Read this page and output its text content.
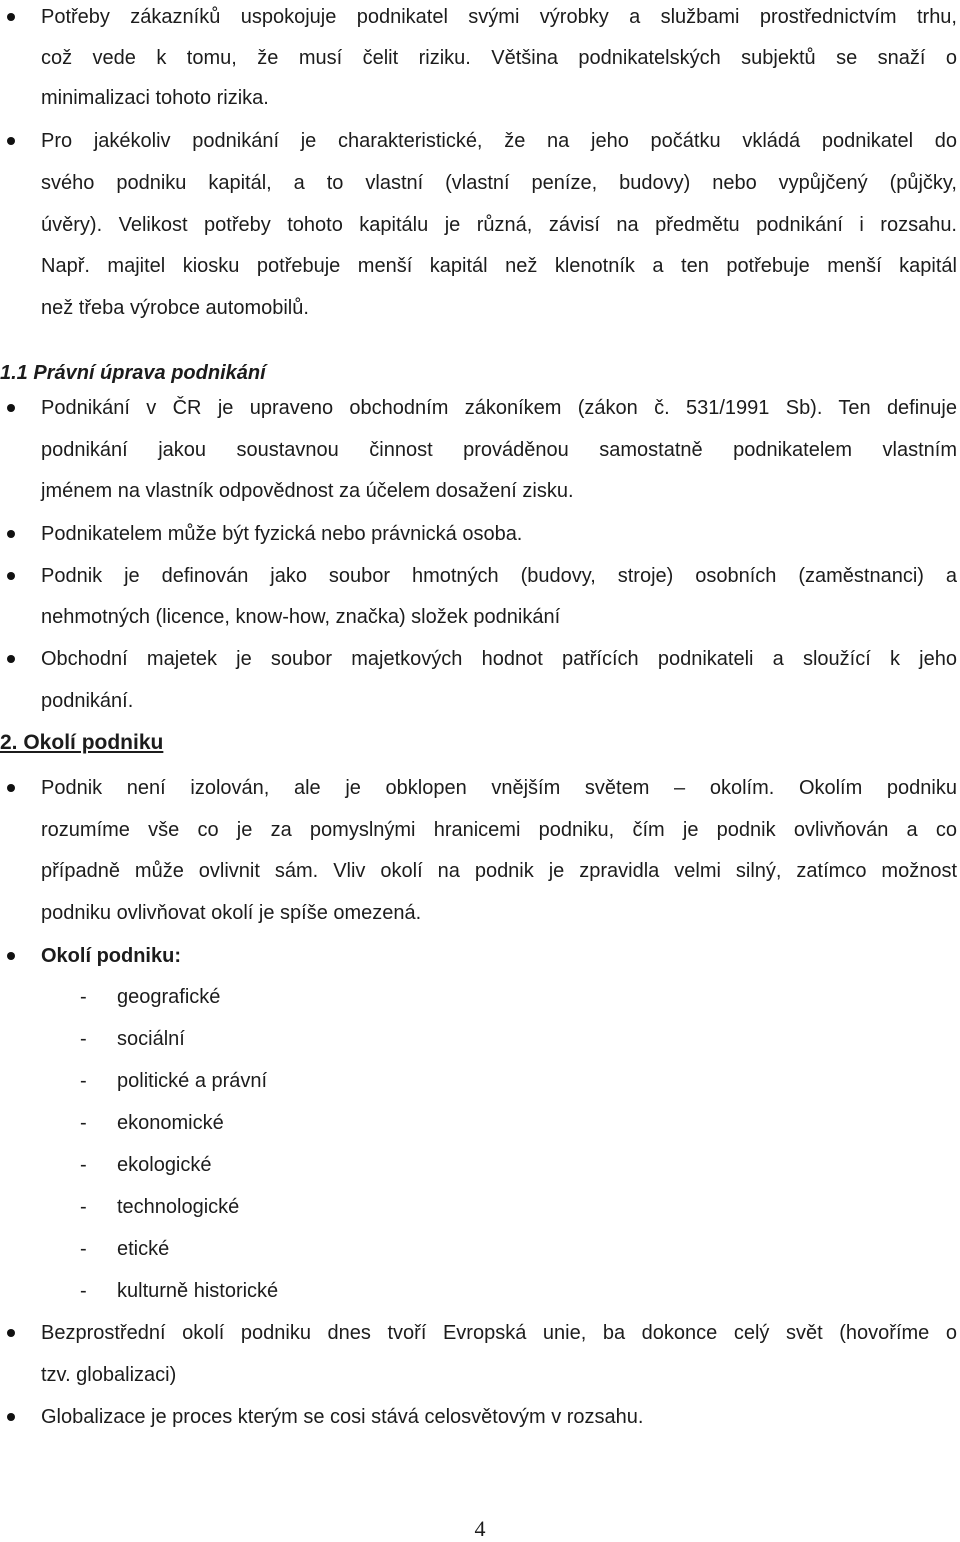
Potřeby zákazníků uspokojuje podnikatel svými výrobky a službami prostřednictvím trhu,
což vede k tomu, že musí čelit riziku. Většina podnikatelských subjektů se snaží o
minimalizaci tohoto rizika.
Pro jakékoliv podnikání je charakteristické, že na jeho počátku vkládá podnikatel do
svého podniku kapitál, a to vlastní (vlastní peníze, budovy) nebo vypůjčený (půjčky,
úvěry). Velikost potřeby tohoto kapitálu je různá, závisí na předmětu podnikání i rozsahu.
Např. majitel kiosku potřebuje menší kapitál než klenotník a ten potřebuje menší kapitál
než třeba výrobce automobilů.
1.1 Právní úprava podnikání
Podnikání v ČR je upraveno obchodním zákoníkem (zákon č. 531/1991 Sb). Ten definuje
podnikání jakou soustavnou činnost prováděnou samostatně podnikatelem vlastním
jménem na vlastník odpovědnost za účelem dosažení zisku.
Podnikatelem může být fyzická nebo právnická osoba.
Podnik je definován jako soubor hmotných (budovy, stroje) osobních (zaměstnanci) a
nehmotných (licence, know-how, značka) složek podnikání
Obchodní majetek je soubor majetkových hodnot patřících podnikateli a sloužící k jeho
podnikání.
2. Okolí podniku
Podnik není izolován, ale je obklopen vnějším světem – okolím. Okolím podniku
rozumíme vše co je za pomyslnými hranicemi podniku, čím je podnik ovlivňován a co
případně může ovlivnit sám. Vliv okolí na podnik je zpravidla velmi silný, zatímco možnost
podniku ovlivňovat okolí je spíše omezená.
Okolí podniku:
- geografické
- sociální
- politické a právní
- ekonomické
- ekologické
- technologické
- etické
- kulturně historické
Bezprostřední okolí podniku dnes tvoří Evropská unie, ba dokonce celý svět (hovoříme o
tzv. globalizaci)
Globalizace je proces kterým se cosi stává celosvětovým v rozsahu.
4
